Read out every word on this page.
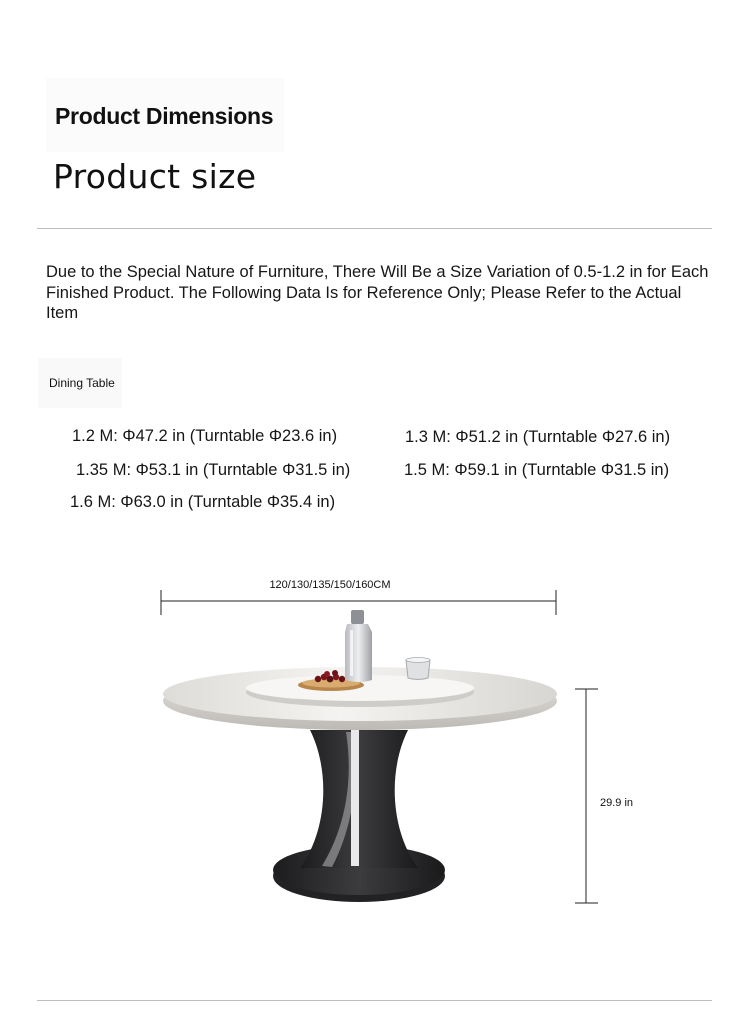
Product Dimensions
Product size
Due to the Special Nature of Furniture, There Will Be a Size Variation of 0.5-1.2 in for Each Finished Product. The Following Data Is for Reference Only; Please Refer to the Actual Item
Dining Table
1.2 M: Φ47.2 in (Turntable Φ23.6 in)	1.3 M: Φ51.2 in (Turntable Φ27.6 in)
1.35 M: Φ53.1 in (Turntable Φ31.5 in)	1.5 M: Φ59.1 in (Turntable Φ31.5 in)
1.6 M: Φ63.0 in (Turntable Φ35.4 in)
120/130/135/150/160CM
29.9 in
